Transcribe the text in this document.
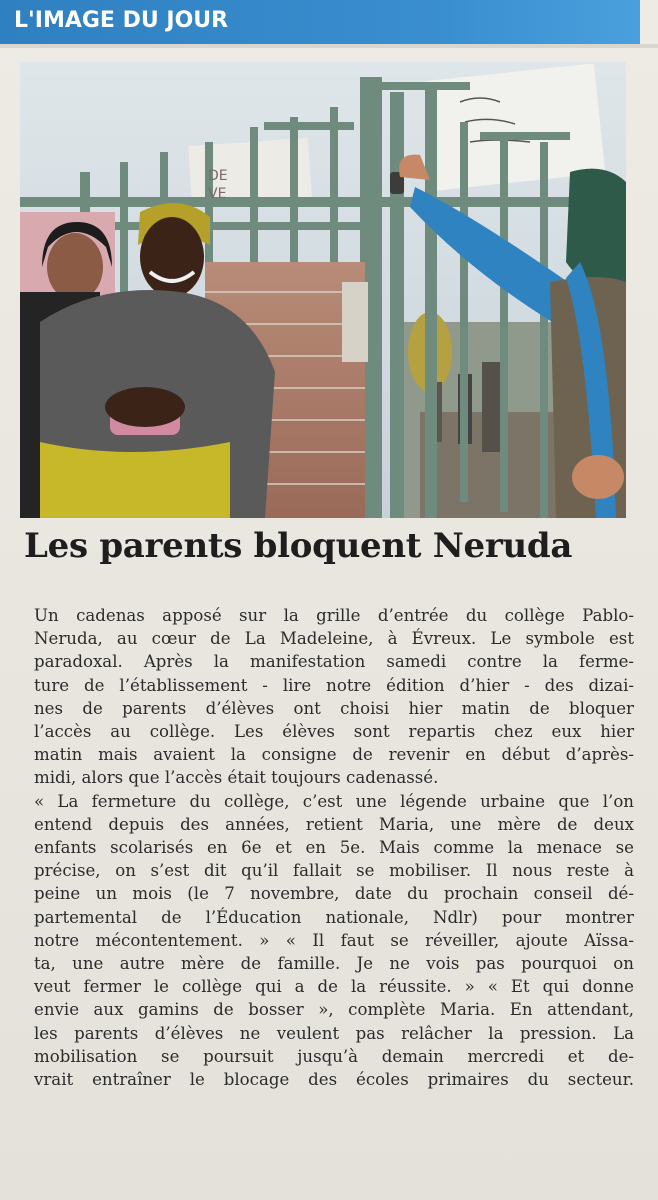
L'IMAGE DU JOUR
DE
VE
Les parents bloquent Neruda
Un cadenas apposé sur la grille d’entrée du collège Pablo-
Neruda, au cœur de La Madeleine, à Évreux. Le symbole est
paradoxal. Après la manifestation samedi contre la ferme-
ture de l’établissement - lire notre édition d’hier - des dizai-
nes de parents d’élèves ont choisi hier matin de bloquer
l’accès au collège. Les élèves sont repartis chez eux hier
matin mais avaient la consigne de revenir en début d’après-
midi, alors que l’accès était toujours cadenassé.
« La fermeture du collège, c’est une légende urbaine que l’on
entend depuis des années, retient Maria, une mère de deux
enfants scolarisés en 6e et en 5e. Mais comme la menace se
précise, on s’est dit qu’il fallait se mobiliser. Il nous reste à
peine un mois (le 7 novembre, date du prochain conseil dé-
partemental de l’Éducation nationale, Ndlr) pour montrer
notre mécontentement. » « Il faut se réveiller, ajoute Aïssa-
ta, une autre mère de famille. Je ne vois pas pourquoi on
veut fermer le collège qui a de la réussite. » « Et qui donne
envie aux gamins de bosser », complète Maria. En attendant,
les parents d’élèves ne veulent pas relâcher la pression. La
mobilisation se poursuit jusqu’à demain mercredi et de-
vrait entraîner le blocage des écoles primaires du secteur.
